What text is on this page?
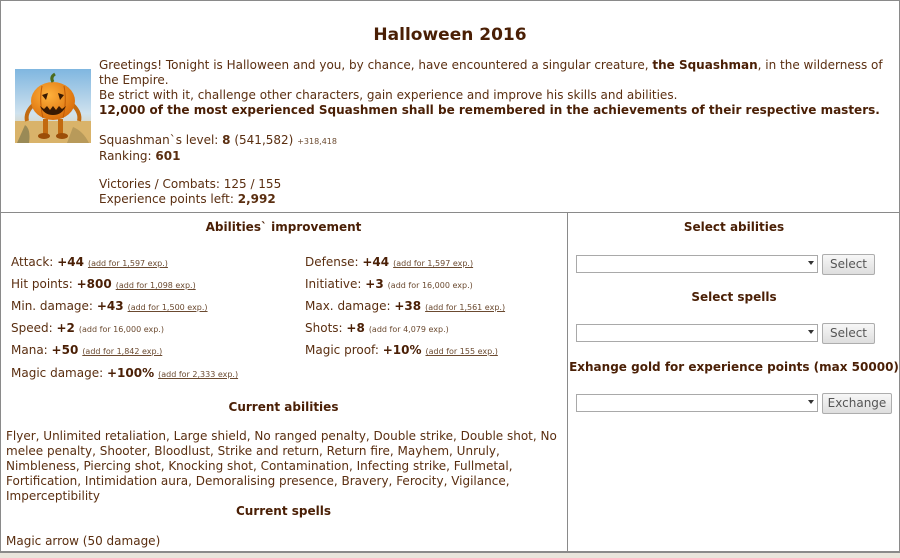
Halloween 2016
Greetings! Tonight is Halloween and you, by chance, have encountered a singular creature, the Squashman, in the wilderness of the Empire.
Be strict with it, challenge other characters, gain experience and improve his skills and abilities.
12,000 of the most experienced Squashmen shall be remembered in the achievements of their respective masters.
Squashman`s level: 8 (541,582) +318,418
Ranking: 601
Victories / Combats: 125 / 155
Experience points left: 2,992
Abilities` improvement
Attack: +44 (add for 1,597 exp.)
Hit points: +800 (add for 1,098 exp.)
Min. damage: +43 (add for 1,500 exp.)
Speed: +2 (add for 16,000 exp.)
Mana: +50 (add for 1,842 exp.)
Magic damage: +100% (add for 2,333 exp.)
Defense: +44 (add for 1,597 exp.)
Initiative: +3 (add for 16,000 exp.)
Max. damage: +38 (add for 1,561 exp.)
Shots: +8 (add for 4,079 exp.)
Magic proof: +10% (add for 155 exp.)
Current abilities
Flyer, Unlimited retaliation, Large shield, No ranged penalty, Double strike, Double shot, No melee penalty, Shooter, Bloodlust, Strike and return, Return fire, Mayhem, Unruly, Nimbleness, Piercing shot, Knocking shot, Contamination, Infecting strike, Fullmetal, Fortification, Intimidation aura, Demoralising presence, Bravery, Ferocity, Vigilance, Imperceptibility
Current spells
Magic arrow (50 damage)
Select abilities
Select
Select spells
Select
Exhange gold for experience points (max 50000)
Exchange
